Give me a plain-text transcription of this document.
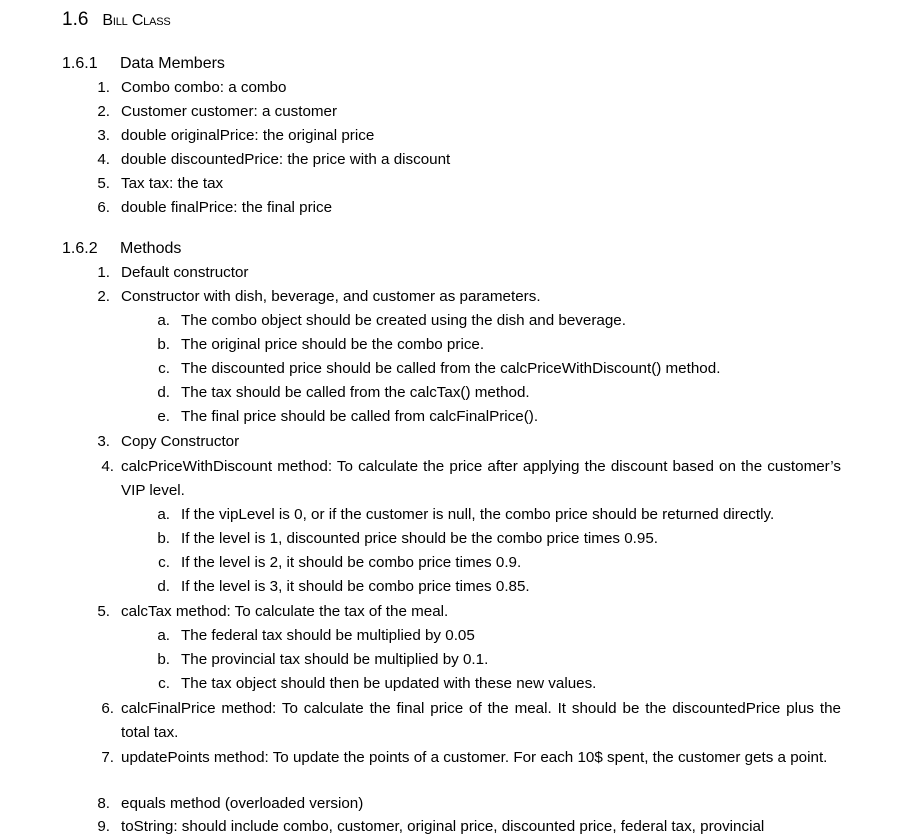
1.6 Bill Class
1.6.1 Data Members
1. Combo combo: a combo
2. Customer customer: a customer
3. double originalPrice: the original price
4. double discountedPrice: the price with a discount
5. Tax tax: the tax
6. double finalPrice: the final price
1.6.2 Methods
1. Default constructor
2. Constructor with dish, beverage, and customer as parameters.
a. The combo object should be created using the dish and beverage.
b. The original price should be the combo price.
c. The discounted price should be called from the calcPriceWithDiscount() method.
d. The tax should be called from the calcTax() method.
e. The final price should be called from calcFinalPrice().
3. Copy Constructor
4. calcPriceWithDiscount method: To calculate the price after applying the discount based on the customer’s VIP level.
a. If the vipLevel is 0, or if the customer is null, the combo price should be returned directly.
b. If the level is 1, discounted price should be the combo price times 0.95.
c. If the level is 2, it should be combo price times 0.9.
d. If the level is 3, it should be combo price times 0.85.
5. calcTax method: To calculate the tax of the meal.
a. The federal tax should be multiplied by 0.05
b. The provincial tax should be multiplied by 0.1.
c. The tax object should then be updated with these new values.
6. calcFinalPrice method: To calculate the final price of the meal. It should be the discountedPrice plus the total tax.
7. updatePoints method: To update the points of a customer. For each 10$ spent, the customer gets a point.
8. equals method (overloaded version)
9. toString: should include combo, customer, original price, discounted price, federal tax, provincial
